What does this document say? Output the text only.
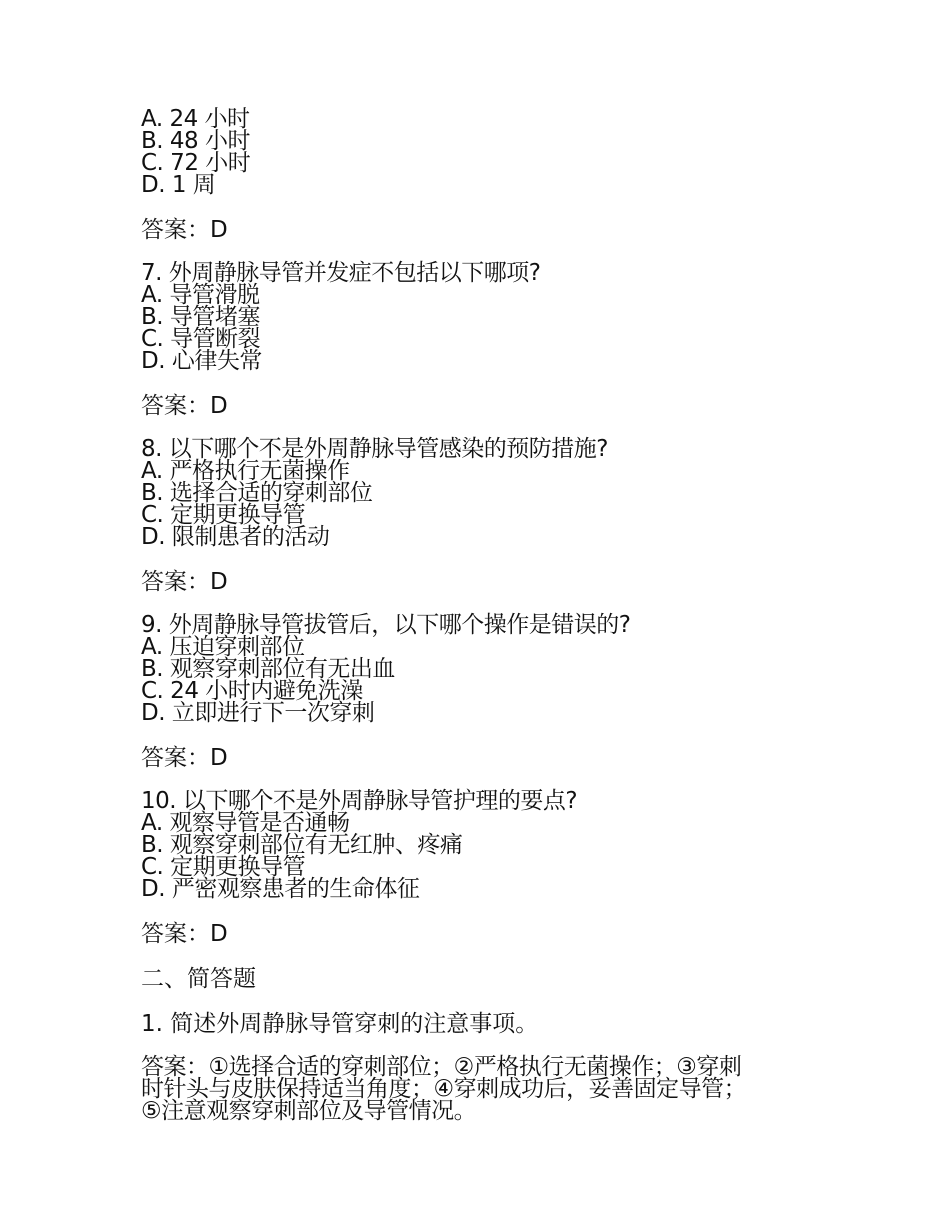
A. 24 小时
B. 48 小时
C. 72 小时
D. 1 周
答案：D
7. 外周静脉导管并发症不包括以下哪项?
A. 导管滑脱
B. 导管堵塞
C. 导管断裂
D. 心律失常
答案：D
8. 以下哪个不是外周静脉导管感染的预防措施?
A. 严格执行无菌操作
B. 选择合适的穿刺部位
C. 定期更换导管
D. 限制患者的活动
答案：D
9. 外周静脉导管拔管后，以下哪个操作是错误的?
A. 压迫穿刺部位
B. 观察穿刺部位有无出血
C. 24 小时内避免洗澡
D. 立即进行下一次穿刺
答案：D
10. 以下哪个不是外周静脉导管护理的要点?
A. 观察导管是否通畅
B. 观察穿刺部位有无红肿、疼痛
C. 定期更换导管
D. 严密观察患者的生命体征
答案：D
二、简答题
1. 简述外周静脉导管穿刺的注意事项。
答案：①选择合适的穿刺部位；②严格执行无菌操作；③穿刺
时针头与皮肤保持适当角度；④穿刺成功后，妥善固定导管；
⑤注意观察穿刺部位及导管情况。
